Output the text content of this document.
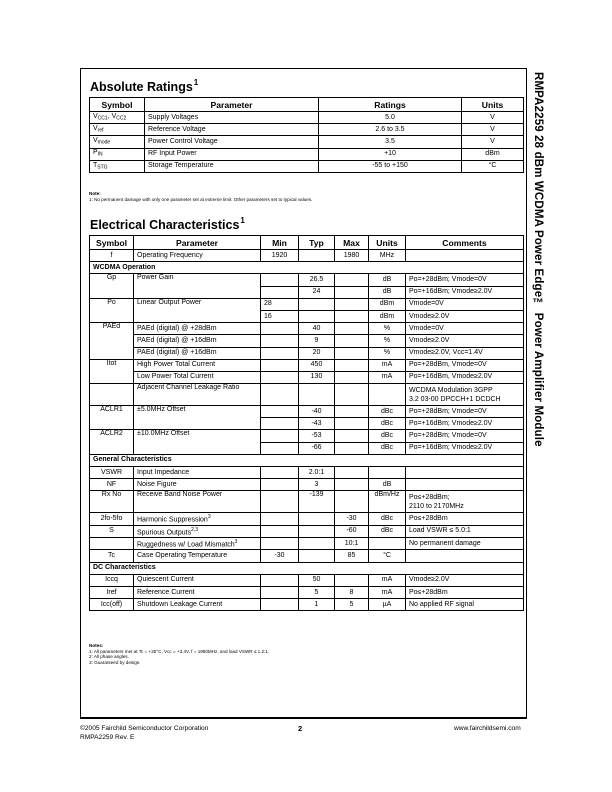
RMPA2259 28 dBm WCDMA Power Edge™ Power Amplifier Module
Absolute Ratings$^1$
Symbol	Parameter	Ratings	Units
$V_{CC1}$, $V_{CC2}$	Supply Voltages	5.0	V
$V_{ref}$	Reference Voltage	2.6 to 3.5	V
$V_{mode}$	Power Control Voltage	3.5	V
$P_{IN}$	RF Input Power	+10	dBm
$T_{STG}$	Storage Temperature	-55 to +150	°C
Note:
1: No permanent damage with only one parameter set at extreme limit. Other parameters set to typical values.
Electrical Characteristics$^1$
Symbol	Parameter	Min	Typ	Max	Units	Comments
f	Operating Frequency	1920		1980	MHz	
WCDMA Operation						
Gp	Power Gain		26.5		dB	Po=+28dBm; Vmode=0V
			24		dB	Po=+16dBm; Vmode≥2.0V
Po	Linear Output Power	28			dBm	Vmode=0V
		16			dBm	Vmode≥2.0V
PAEd	PAEd (digital) @ +28dBm		40		%	Vmode=0V
	PAEd (digital) @ +16dBm		9		%	Vmode≥2.0V
	PAEd (digital) @ +16dBm		20		%	Vmode≥2.0V, Vcc=1.4V
Itot	High Power Total Current		450		mA	Po=+28dBm, Vmode=0V
	Low Power Total Current		130		mA	Po=+16dBm, Vmode≥2.0V
	Adjacent Channel Leakage Ratio					WCDMA Modulation 3GPP
3.2 03-00 DPCCH+1 DCDCH
ACLR1	±5.0MHz Offset		-40		dBc	Po=+28dBm; Vmode=0V
			-43		dBc	Po=+16dBm; Vmode≥2.0V
ACLR2	±10.0MHz Offset		-53		dBc	Po=+28dBm; Vmode=0V
			-66		dBc	Po=+16dBm; Vmode≥2.0V
General Characteristics						
VSWR	Input Impedance		2.0:1			
NF	Noise Figure		3		dB	
Rx No	Receive Band Noise Power		-139		dBm/Hz	Po≤+28dBm;
2110 to 2170MHz
2fo-5fo	Harmonic Suppression$^3$			-30	dBc	Po≤+28dBm
S	Spurious Outputs$^{2,3}$			-60	dBc	Load VSWR ≤ 5.0:1
	Ruggedness w/ Load Mismatch$^3$			10:1		No permanent damage
Tc	Case Operating Temperature	-30		85	°C	
DC Characteristics						
Iccq	Quiescent Current		50		mA	Vmode≥2.0V
Iref	Reference Current		5	8	mA	Po≤+28dBm
Icc(off)	Shutdown Leakage Current		1	5	µA	No applied RF signal
Notes:
1: All parameters met at Tc = +25°C, Vcc = +3.4V, f = 1950MHz, and load VSWR ≤ 1.2:1.
2: All phase angles.
3: Guaranteed by design.
©2005 Fairchild Semiconductor Corporation
RMPA2259 Rev. E
2	www.fairchildsemi.com
